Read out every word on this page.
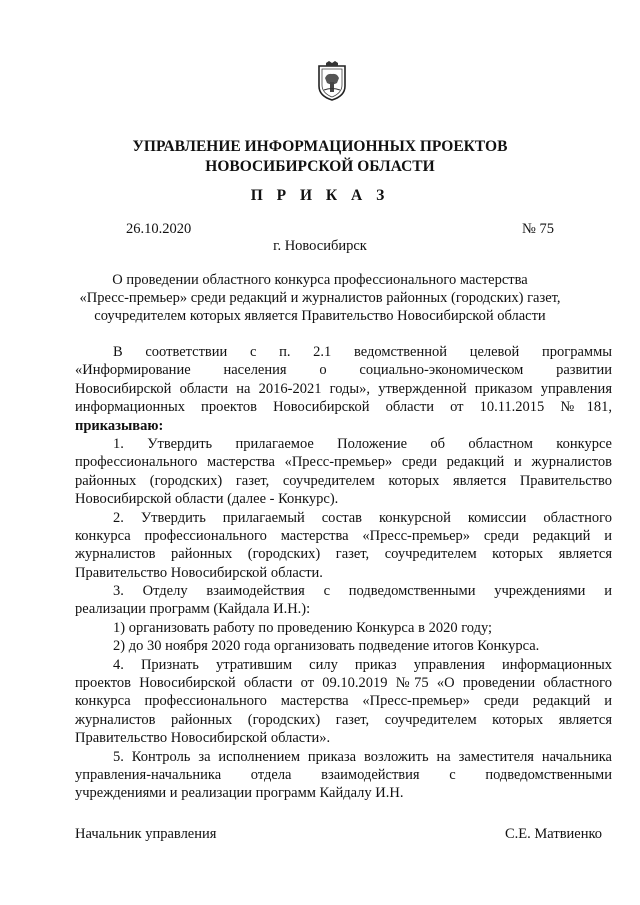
УПРАВЛЕНИЕ ИНФОРМАЦИОННЫХ ПРОЕКТОВ
НОВОСИБИРСКОЙ ОБЛАСТИ
П Р И К А З
26.10.2020	№ 75
г. Новосибирск
О проведении областного конкурса профессионального мастерства
«Пресс-премьер» среди редакций и журналистов районных (городских) газет,
соучредителем которых является Правительство Новосибирской области
В соответствии с п. 2.1 ведомственной целевой программы
«Информирование населения о социально-экономическом развитии
Новосибирской области на 2016-2021 годы», утвержденной приказом управления
информационных проектов Новосибирской области от 10.11.2015 №181,
приказываю:
1. Утвердить прилагаемое Положение об областном конкурсе
профессионального мастерства «Пресс-премьер» среди редакций и журналистов
районных (городских) газет, соучредителем которых является Правительство
Новосибирской области (далее - Конкурс).
2. Утвердить прилагаемый состав конкурсной комиссии областного
конкурса профессионального мастерства «Пресс-премьер» среди редакций и
журналистов районных (городских) газет, соучредителем которых является
Правительство Новосибирской области.
3. Отделу взаимодействия с подведомственными учреждениями и
реализации программ (Кайдала И.Н.):
1) организовать работу по проведению Конкурса в 2020 году;
2) до 30 ноября 2020 года организовать подведение итогов Конкурса.
4. Признать утратившим силу приказ управления информационных
проектов Новосибирской области от 09.10.2019 №75 «О проведении областного
конкурса профессионального мастерства «Пресс-премьер» среди редакций и
журналистов районных (городских) газет, соучредителем которых является
Правительство Новосибирской области».
5. Контроль за исполнением приказа возложить на заместителя начальника
управления-начальника отдела взаимодействия с подведомственными
учреждениями и реализации программ Кайдалу И.Н.
Начальник управления	С.Е. Матвиенко
